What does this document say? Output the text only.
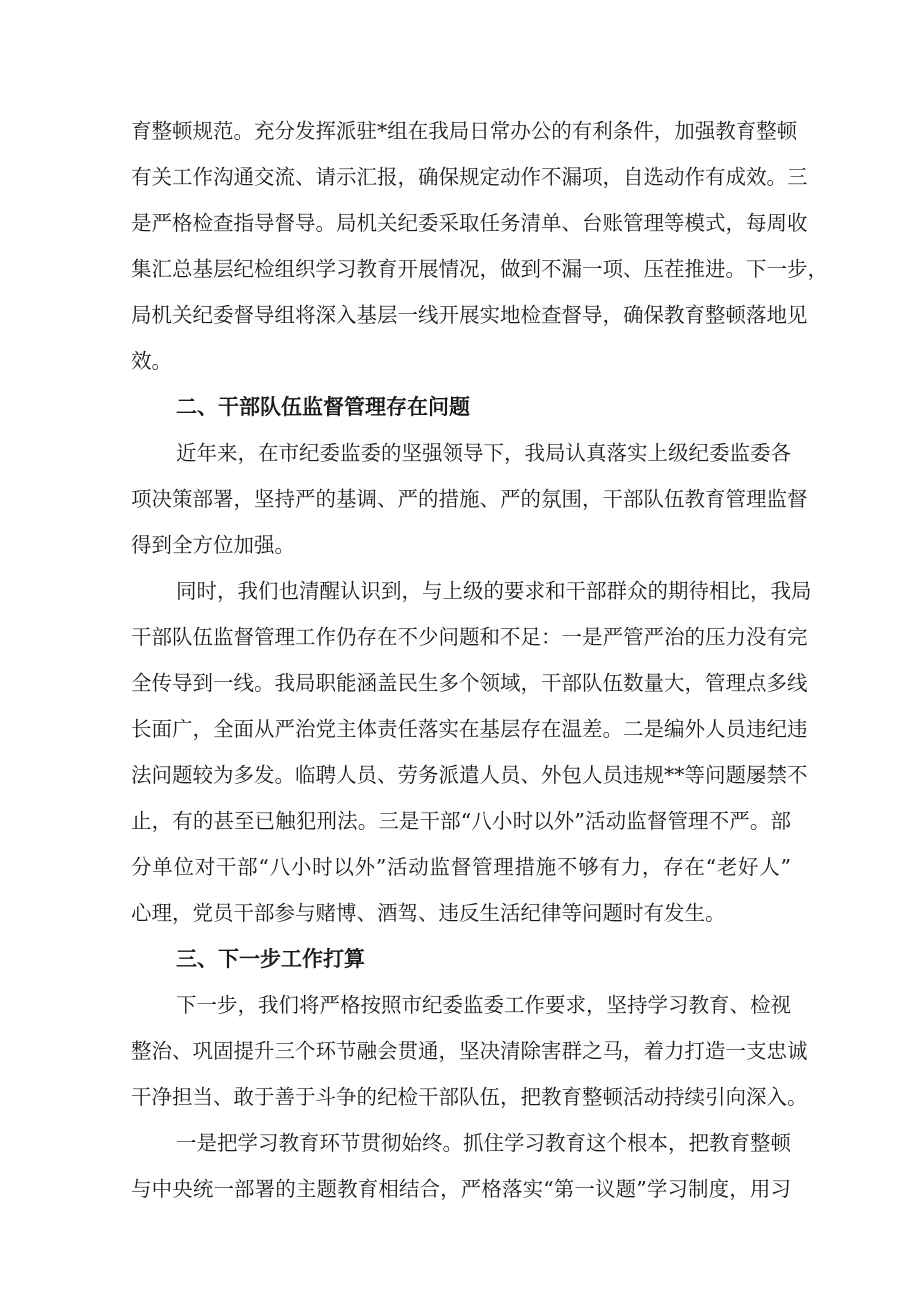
育整顿规范。充分发挥派驻*组在我局日常办公的有利条件，加强教育整顿
有关工作沟通交流、请示汇报，确保规定动作不漏项，自选动作有成效。三
是严格检查指导督导。局机关纪委采取任务清单、台账管理等模式，每周收
集汇总基层纪检组织学习教育开展情况，做到不漏一项、压茬推进。下一步，
局机关纪委督导组将深入基层一线开展实地检查督导，确保教育整顿落地见
效。
二、干部队伍监督管理存在问题
近年来，在市纪委监委的坚强领导下，我局认真落实上级纪委监委各
项决策部署，坚持严的基调、严的措施、严的氛围，干部队伍教育管理监督
得到全方位加强。
同时，我们也清醒认识到，与上级的要求和干部群众的期待相比，我局
干部队伍监督管理工作仍存在不少问题和不足：一是严管严治的压力没有完
全传导到一线。我局职能涵盖民生多个领域，干部队伍数量大，管理点多线
长面广，全面从严治党主体责任落实在基层存在温差。二是编外人员违纪违
法问题较为多发。临聘人员、劳务派遣人员、外包人员违规**等问题屡禁不
止，有的甚至已触犯刑法。三是干部“八小时以外”活动监督管理不严。部
分单位对干部“八小时以外”活动监督管理措施不够有力，存在“老好人”
心理，党员干部参与赌博、酒驾、违反生活纪律等问题时有发生。
三、下一步工作打算
下一步，我们将严格按照市纪委监委工作要求，坚持学习教育、检视
整治、巩固提升三个环节融会贯通，坚决清除害群之马，着力打造一支忠诚
干净担当、敢于善于斗争的纪检干部队伍，把教育整顿活动持续引向深入。
一是把学习教育环节贯彻始终。抓住学习教育这个根本，把教育整顿
与中央统一部署的主题教育相结合，严格落实“第一议题”学习制度，用习
